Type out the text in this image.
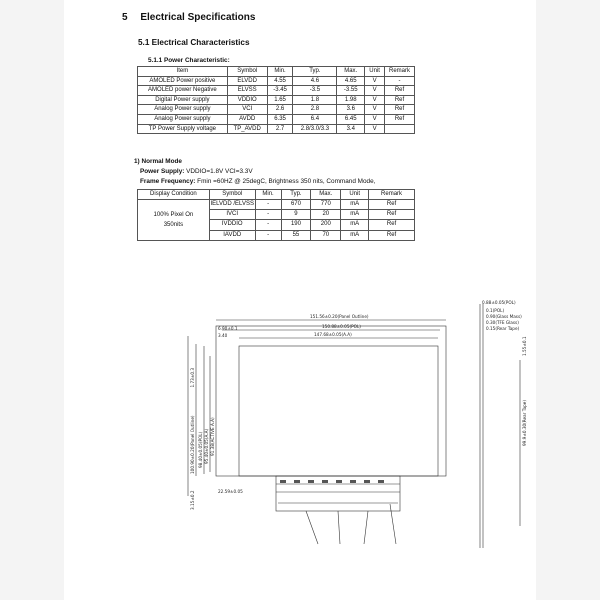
5 Electrical Specifications
5.1 Electrical Characteristics
5.1.1 Power Characteristic:
Item	Symbol	Min.	Typ.	Max.	Unit	Remark
AMOLED Power positive	ELVDD	4.55	4.6	4.65	V	-
AMOLED power Negative	ELVSS	-3.45	-3.5	-3.55	V	Ref
Digital Power supply	VDDIO	1.65	1.8	1.98	V	Ref
Analog Power supply	VCI	2.6	2.8	3.6	V	Ref
Analog Power supply	AVDD	6.35	6.4	6.45	V	Ref
TP Power Supply voltage	TP_AVDD	2.7	2.8/3.0/3.3	3.4	V	
1) Normal Mode
Power Supply: VDDIO=1.8V VCI=3.3V
Frame Frequency: Fmin =60HZ @ 25degC, Brightness 350 nits, Command Mode,
Display Condition	Symbol	Min.	Typ.	Max.	Unit	Remark

100% Pixel On
350nits	IELVDD /ELVSS	-	670	770	mA	Ref
	IVCI	-	9	20	mA	Ref
	IVDDIO	-	190	200	mA	Ref
	IAVDD	-	55	70	mA	Ref
151.56±0.20(Panel Outline)
150.88±0.05(POL)
147.68±0.05(A.A)
6.90±0.1
3.40
22.59±0.05
0.88±0.05(POL)
0.1(POL)
0.90(Glass Mass)
0.30(TFE Glass)
0.15(Rear Tape)
1.73±0.3
100.90±0.20(Panel Outline) 98.40±0.05(POL) 95.40±0.05(A.A) 91.38(ACTIVE A.A)
3.15±0.2
1.55±0.1
99.9±0.30(Rear Tape)
